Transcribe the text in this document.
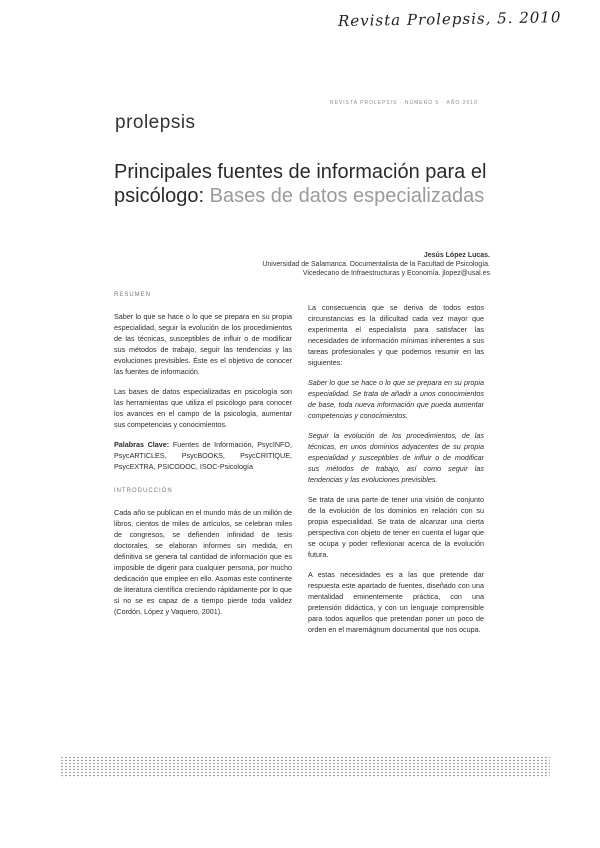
Revista Prolepsis, 5. 2010
REVISTA PROLEPSIS · NÚMERO 5 · AÑO 2010
prolepsis
Principales fuentes de información para el psicólogo: Bases de datos especializadas
Jesús López Lucas.
Universidad de Salamanca. Documentalista de la Facultad de Psicología.
Vicedecano de Infraestructuras y Economía. jlopez@usal.es
RESUMEN

Saber lo que se hace o lo que se prepara en su propia especialidad, seguir la evolución de los procedimientos de las técnicas, susceptibles de influir o de modificar sus métodos de trabajo, seguir las tendencias y las evoluciones previsibles. Éste es el objetivo de conocer las fuentes de información.

Las bases de datos especializadas en psicología son las herramientas que utiliza el psicólogo para conocer los avances en el campo de la psicología, aumentar sus competencias y conocimientos.

Palabras Clave: Fuentes de Información, PsycINFO, PsycARTICLES, PsycBOOKS, PsycCRITIQUE, PsycEXTRA, PSICODOC, ISOC-Psicología

INTRODUCCIÓN

Cada año se publican en el mundo más de un millón de libros, cientos de miles de artículos, se celebran miles de congresos, se defienden infinidad de tesis doctorales, se elaboran informes sin medida, en definitiva se genera tal cantidad de información que es imposible de digerir para cualquier persona, por mucho dedicación que emplee en ello. Asomas este continente de literatura científica creciendo rápidamente por lo que si no se es capaz de a tiempo pierde toda validez (Cordón, López y Vaquero, 2001).

La consecuencia que se deriva de todos estos circunstancias es la dificultad cada vez mayor que experimenta el especialista para satisfacer las necesidades de información mínimas inherentes a sus tareas profesionales y que podemos resumir en las siguientes:

Saber lo que se hace o lo que se prepara en su propia especialidad. Se trata de añadir a unos conocimientos de base, toda nueva información que pueda aumentar competencias y conocimientos.

Seguir la evolución de los procedimientos, de las técnicas, en unos dominios adyacentes de su propia especialidad y susceptibles de influir o de modificar sus métodos de trabajo, así como seguir las tendencias y las evoluciones previsibles.

Se trata de una parte de tener una visión de conjunto de la evolución de los dominios en relación con su propia especialidad. Se trata de alcanzar una cierta perspectiva con objeto de tener en cuenta el lugar que se ocupa y poder reflexionar acerca de la evolución futura.

A estas necesidades es a las que pretende dar respuesta este apartado de fuentes, diseñado con una mentalidad eminentemente práctica, con una pretensión didáctica, y con un lenguaje comprensible para todos aquellos que pretendan poner un poco de orden en el maremágnum documental que nos ocupa.
